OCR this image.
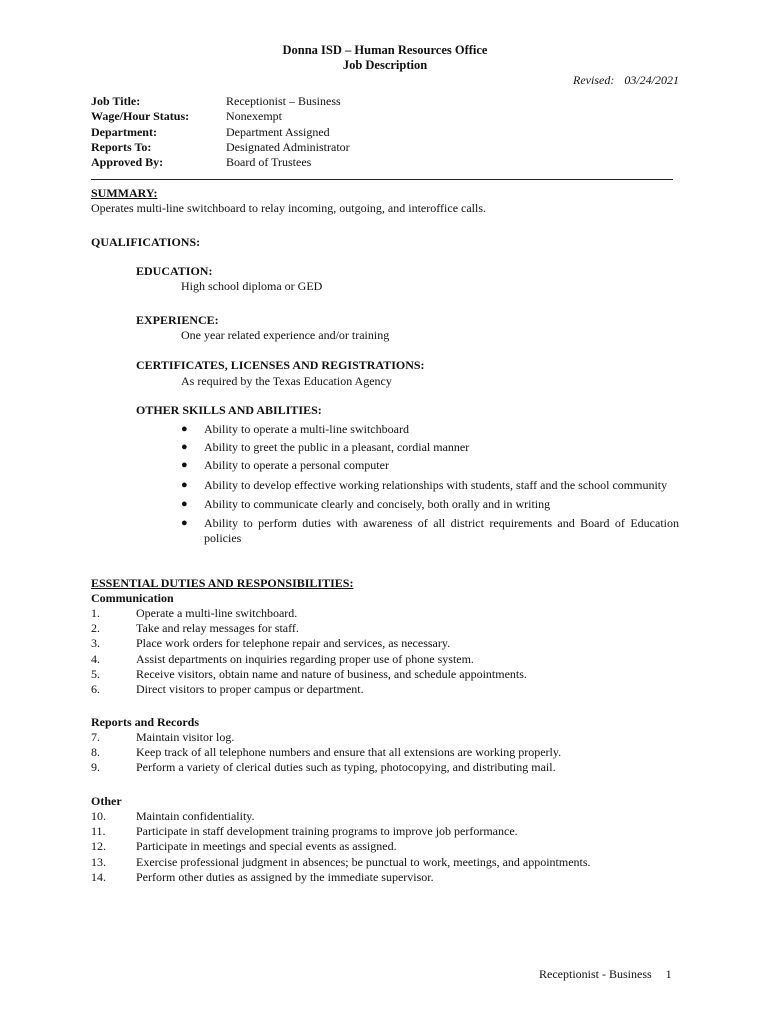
Donna ISD – Human Resources Office
Job Description
Revised: 03/24/2021
Job Title:	Receptionist – Business
Wage/Hour Status:	Nonexempt
Department:	Department Assigned
Reports To:	Designated Administrator
Approved By:	Board of Trustees
SUMMARY:
Operates multi-line switchboard to relay incoming, outgoing, and interoffice calls.
QUALIFICATIONS:
EDUCATION:
High school diploma or GED
EXPERIENCE:
One year related experience and/or training
CERTIFICATES, LICENSES AND REGISTRATIONS:
As required by the Texas Education Agency
OTHER SKILLS AND ABILITIES:
●	Ability to operate a multi-line switchboard
●	Ability to greet the public in a pleasant, cordial manner
●	Ability to operate a personal computer
●	Ability to develop effective working relationships with students, staff and the school community
●	Ability to communicate clearly and concisely, both orally and in writing
●	Ability to perform duties with awareness of all district requirements and Board of Education policies
ESSENTIAL DUTIES AND RESPONSIBILITIES:
Communication
1.	Operate a multi-line switchboard.
2.	Take and relay messages for staff.
3.	Place work orders for telephone repair and services, as necessary.
4.	Assist departments on inquiries regarding proper use of phone system.
5.	Receive visitors, obtain name and nature of business, and schedule appointments.
6.	Direct visitors to proper campus or department.
Reports and Records
7.	Maintain visitor log.
8.	Keep track of all telephone numbers and ensure that all extensions are working properly.
9.	Perform a variety of clerical duties such as typing, photocopying, and distributing mail.
Other
10.	Maintain confidentiality.
11.	Participate in staff development training programs to improve job performance.
12.	Participate in meetings and special events as assigned.
13.	Exercise professional judgment in absences; be punctual to work, meetings, and appointments.
14.	Perform other duties as assigned by the immediate supervisor.
Receptionist - Business 1
